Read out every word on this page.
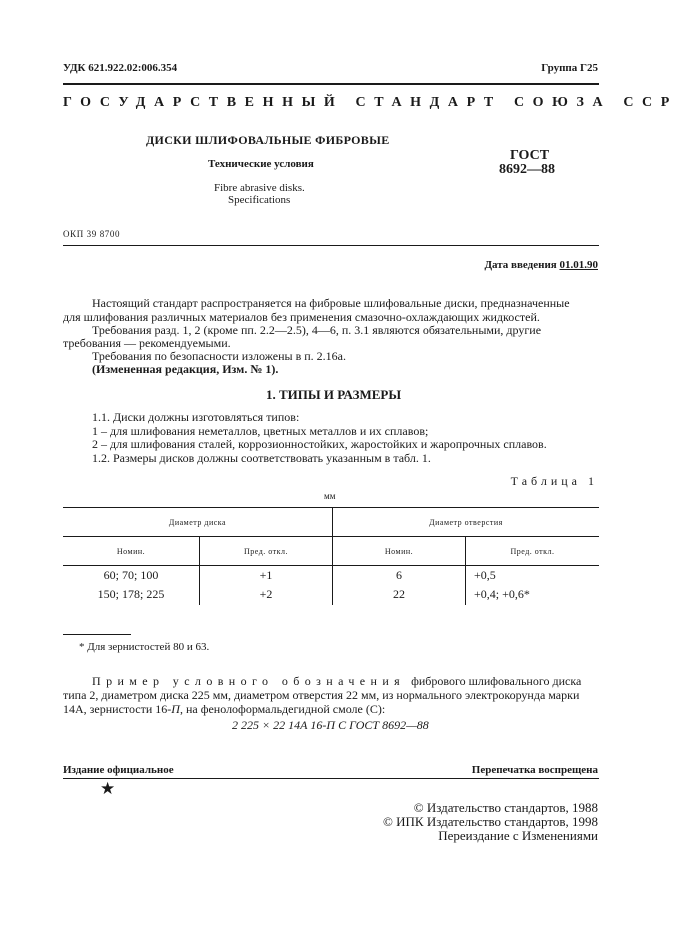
УДК 621.922.02:006.354	Группа Г25
ГОСУДАРСТВЕННЫЙ СТАНДАРТ СОЮЗА ССР
ДИСКИ ШЛИФОВАЛЬНЫЕ ФИБРОВЫЕ
Технические условия
Fibre abrasive disks.
Specifications
ГОСТ
8692—88
ОКП 39 8700
Дата введения 01.01.90
Настоящий стандарт распространяется на фибровые шлифовальные диски, предназначенные
для шлифования различных материалов без применения смазочно-охлаждающих жидкостей.
Требования разд. 1, 2 (кроме пп. 2.2—2.5), 4—6, п. 3.1 являются обязательными, другие
требования — рекомендуемыми.
Требования по безопасности изложены в п. 2.16а.
(Измененная редакция, Изм. № 1).
1. ТИПЫ И РАЗМЕРЫ
1.1. Диски должны изготовляться типов:
1 – для шлифования неметаллов, цветных металлов и их сплавов;
2 – для шлифования сталей, коррозионностойких, жаростойких и жаропрочных сплавов.
1.2. Размеры дисков должны соответствовать указанным в табл. 1.
Таблица 1
мм
Диаметр диска		Диаметр отверстия	
Номин.	Пред. откл.	Номин.	Пред. откл.
60; 70; 100	+1	6	+0,5
150; 178; 225	+2	22	+0,4; +0,6*
* Для зернистостей 80 и 63.
Пример условного обозначения фибрового шлифовального диска
типа 2, диаметром диска 225 мм, диаметром отверстия 22 мм, из нормального электрокорунда марки
14А, зернистости 16-П, на фенолоформальдегидной смоле (С):
2 225 × 22 14А 16-П С ГОСТ 8692—88
Издание официальное	Перепечатка воспрещена
★
© Издательство стандартов, 1988
© ИПК Издательство стандартов, 1998
Переиздание с Изменениями
